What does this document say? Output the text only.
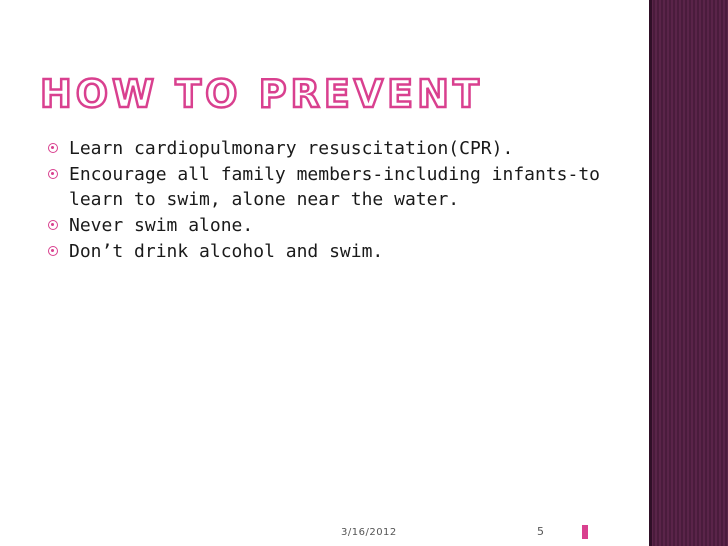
HOW TO PREVENT
Learn cardiopulmonary resuscitation(CPR).
Encourage all family members-including infants-to learn to swim, alone near the water.
Never swim alone.
Don’t drink alcohol and swim.
3/16/2012	5
